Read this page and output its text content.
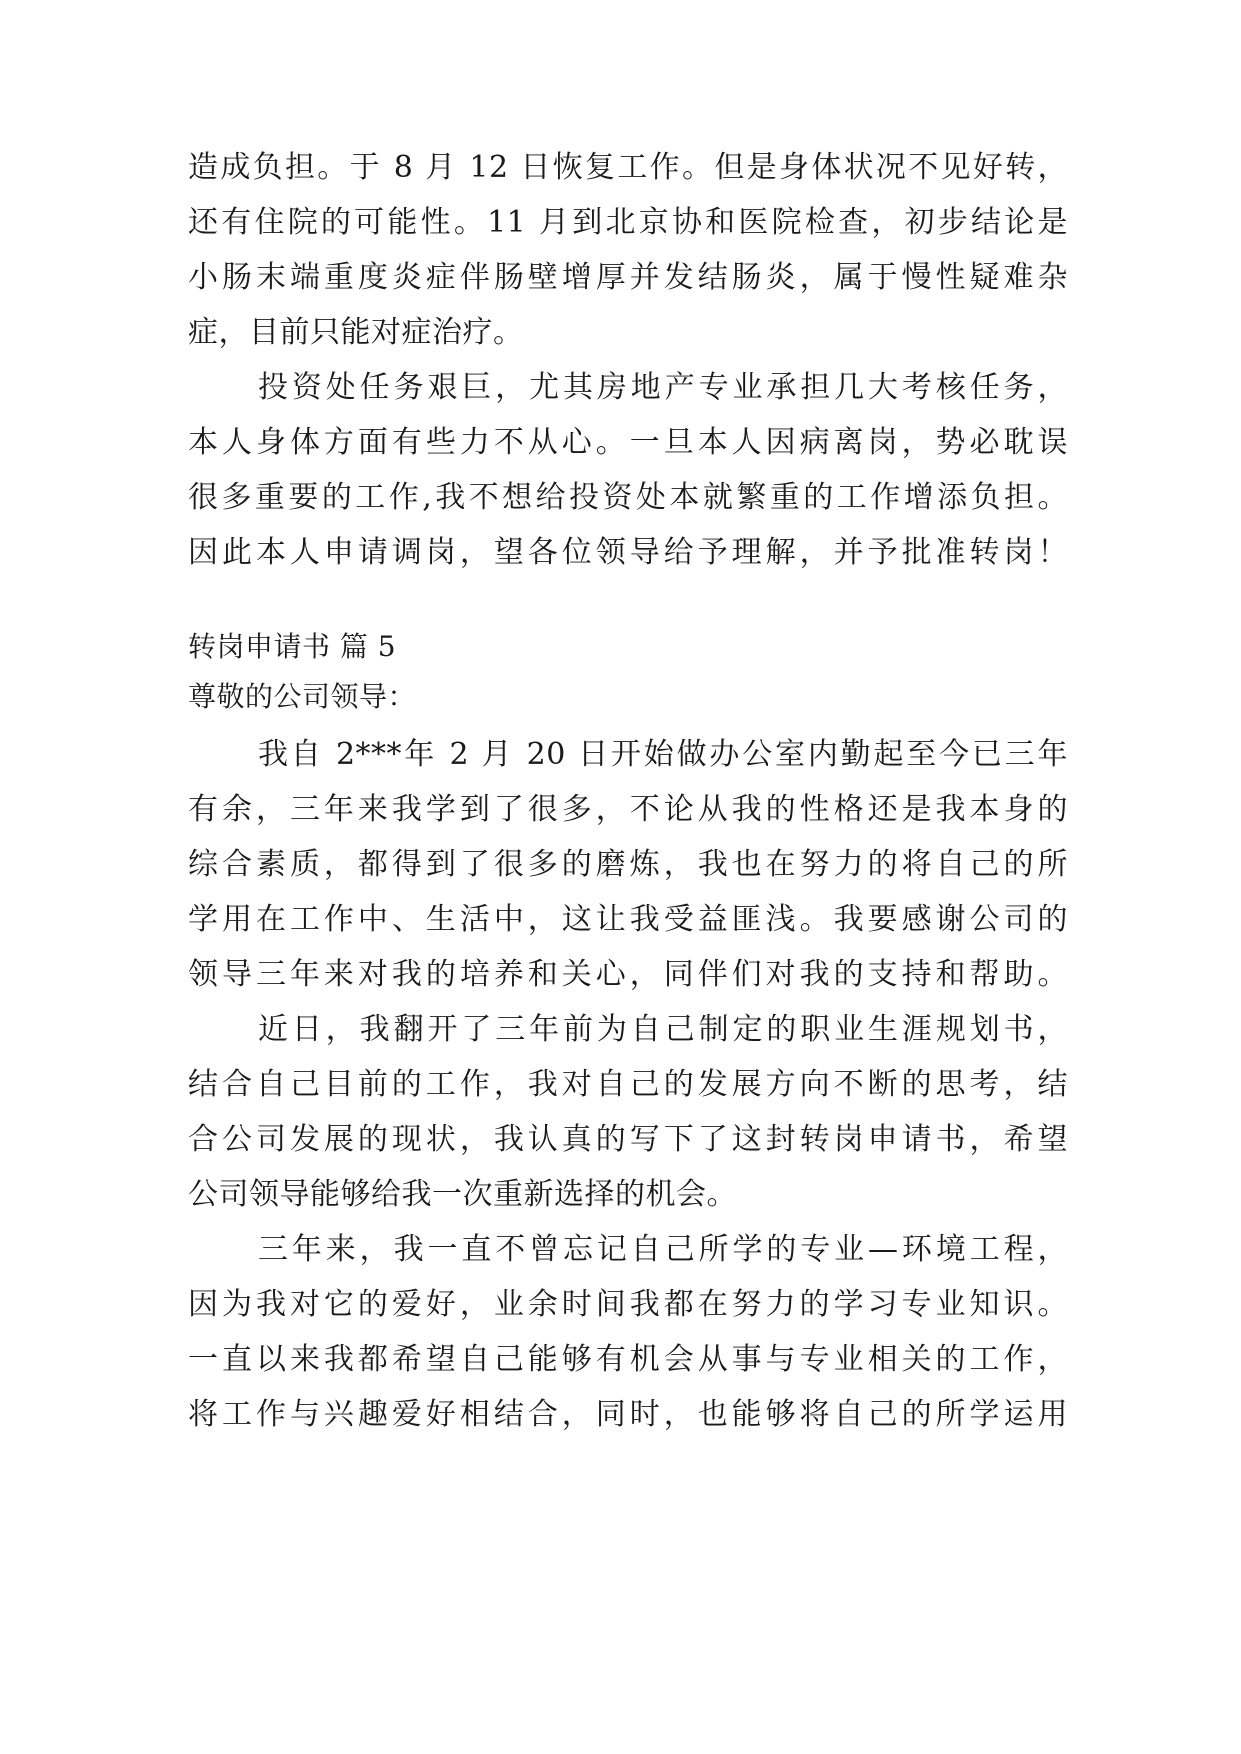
造成负担。于 8 月 12 日恢复工作。但是身体状况不见好转，
还有住院的可能性。11 月到北京协和医院检查，初步结论是
小肠末端重度炎症伴肠壁增厚并发结肠炎，属于慢性疑难杂
症，目前只能对症治疗。
投资处任务艰巨，尤其房地产专业承担几大考核任务，
本人身体方面有些力不从心。一旦本人因病离岗，势必耽误
很多重要的工作,我不想给投资处本就繁重的工作增添负担。
因此本人申请调岗，望各位领导给予理解，并予批准转岗！
转岗申请书 篇 5
尊敬的公司领导：
我自 2***年 2 月 20 日开始做办公室内勤起至今已三年
有余，三年来我学到了很多，不论从我的性格还是我本身的
综合素质，都得到了很多的磨炼，我也在努力的将自己的所
学用在工作中、生活中，这让我受益匪浅。我要感谢公司的
领导三年来对我的培养和关心，同伴们对我的支持和帮助。
近日，我翻开了三年前为自己制定的职业生涯规划书，
结合自己目前的工作，我对自己的发展方向不断的思考，结
合公司发展的现状，我认真的写下了这封转岗申请书，希望
公司领导能够给我一次重新选择的机会。
三年来，我一直不曾忘记自己所学的专业—环境工程，
因为我对它的爱好，业余时间我都在努力的学习专业知识。
一直以来我都希望自己能够有机会从事与专业相关的工作，
将工作与兴趣爱好相结合，同时，也能够将自己的所学运用
